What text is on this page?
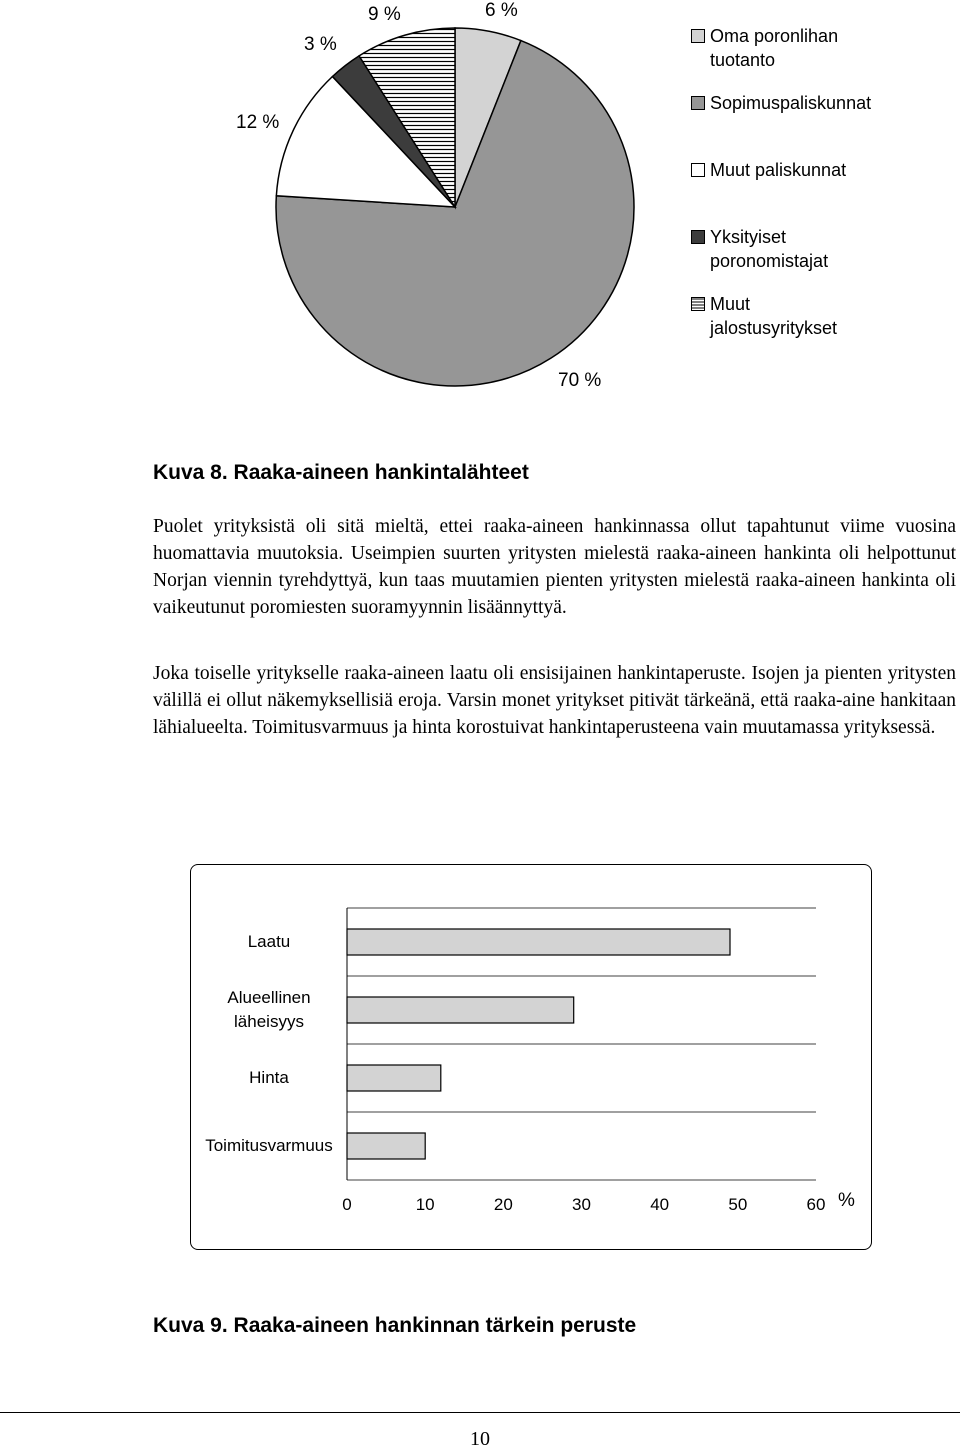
6 %
9 %
3 %
12 %
70 %
Oma poronlihan
tuotanto
Sopimuspaliskunnat
Muut paliskunnat
Yksityiset
poronomistajat
Muut
jalostusyritykset
Kuva 8. Raaka-aineen hankintalähteet

Puolet yrityksistä oli sitä mieltä, ettei raaka-aineen hankinnassa ollut tapahtunut viime vuosina huomattavia muutoksia. Useimpien suurten yritysten mielestä raaka-aineen hankinta oli helpottunut Norjan viennin tyrehdyttyä, kun taas muutamien pienten yritysten mielestä raaka-aineen hankinta oli vaikeutunut poromiesten suoramyynnin lisäännyttyä.

Joka toiselle yritykselle raaka-aineen laatu oli ensisijainen hankintaperuste. Isojen ja pienten yritysten välillä ei ollut näkemyksellisiä eroja. Varsin monet yritykset pitivät tärkeänä, että raaka-aine hankitaan lähialueelta. Toimitusvarmuus ja hinta korostuivat hankintaperusteena vain muutamassa yrityksessä.

Laatu
Alueellinen
läheisyys
Hinta
Toimitusvarmuus
0	10	20	30	40	50	60 %
Kuva 9. Raaka-aineen hankinnan tärkein peruste
10
